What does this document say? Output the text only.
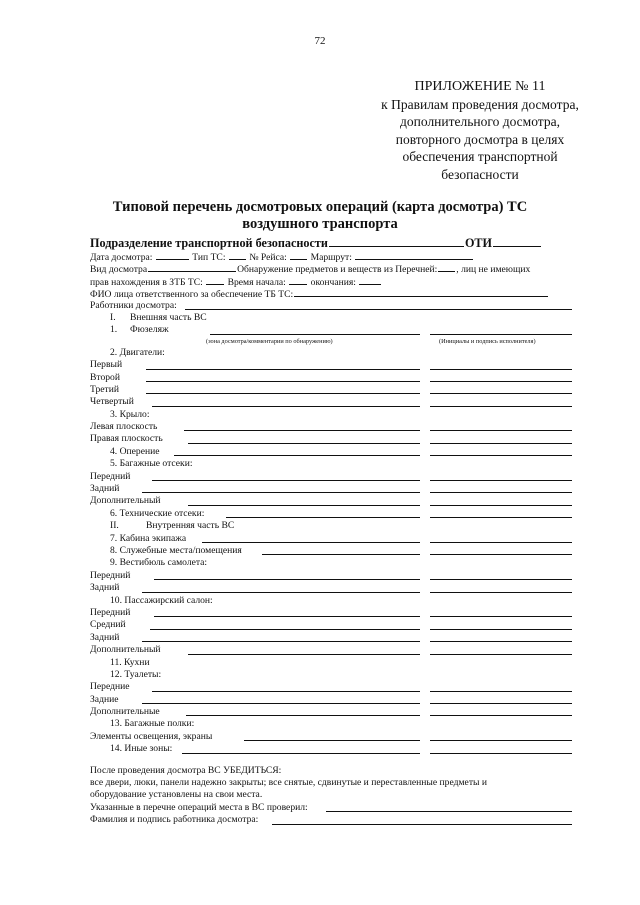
72
ПРИЛОЖЕНИЕ № 11
к Правилам проведения досмотра,
дополнительного досмотра,
повторного досмотра в целях
обеспечения транспортной
безопасности
Типовой перечень досмотровых операций (карта досмотра) ТС
воздушного транспорта
Подразделение транспортной безопасности	ОТИ
Дата досмотра:	Тип ТС: № Рейса: Маршрут:
Вид досмотра	Обнаружение предметов и веществ из Перечней: , лиц не имеющих
прав нахождения в ЗТБ ТС:	Время начала:	окончания:
ФИО лица ответственного за обеспечение ТБ ТС:
Работники досмотра:
I. Внешняя часть ВС
1. Фюзеляж
(зона досмотра/комментарии по обнаружению)	(Инициалы и подпись исполнителя)
2. Двигатели:
Первый
Второй
Третий
Четвертый
3. Крыло:
Левая плоскость
Правая плоскость
4. Оперение
5. Багажные отсеки:
Передний
Задний
Дополнительный
6. Технические отсеки:
II.	Внутренняя часть ВС
7. Кабина экипажа
8. Служебные места/помещения
9. Вестибюль самолета:
Передний
Задний
10. Пассажирский салон:
Передний
Средний
Задний
Дополнительный
11. Кухни
12. Туалеты:
Передние
Задние
Дополнительные
13. Багажные полки:
Элементы освещения, экраны
14. Иные зоны:
После проведения досмотра ВС УБЕДИТЬСЯ:
все двери, люки, панели надежно закрыты; все снятые, сдвинутые и переставленные предметы и
оборудование установлены на свои места.
Указанные в перечне операций места в ВС проверил:
Фамилия и подпись работника досмотра:
